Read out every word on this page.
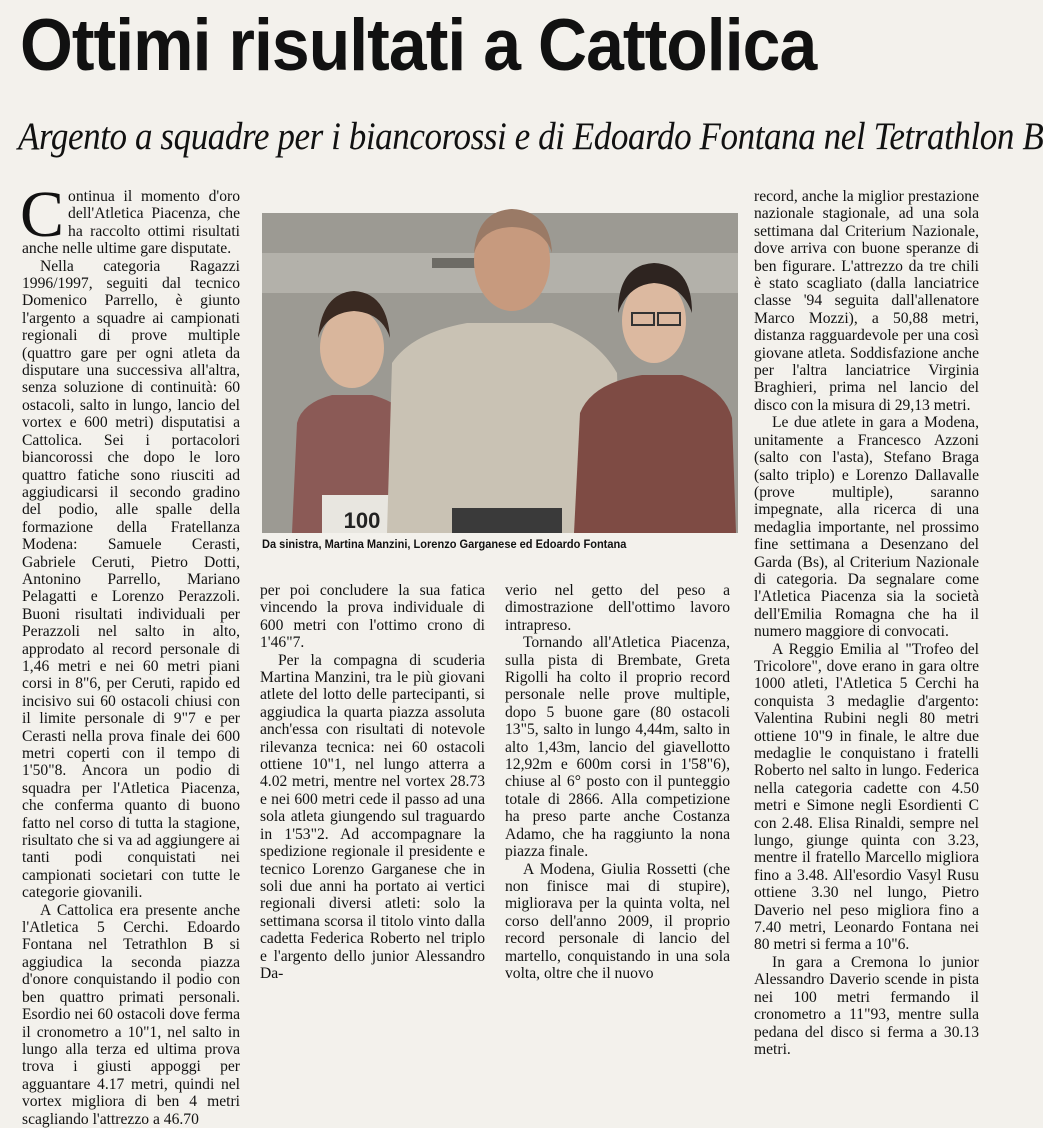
Ottimi risultati a Cattolica
Argento a squadre per i biancorossi e di Edoardo Fontana nel Tetrathlon B

Continua il momento d'oro dell'Atletica Piacenza, che ha raccolto ottimi risultati anche nelle ultime gare disputate.

Nella categoria Ragazzi 1996/1997, seguiti dal tecnico Domenico Parrello, è giunto l'argento a squadre ai campionati regionali di prove multiple (quattro gare per ogni atleta da disputare una successiva all'altra, senza soluzione di continuità: 60 ostacoli, salto in lungo, lancio del vortex e 600 metri) disputatisi a Cattolica. Sei i portacolori biancorossi che dopo le loro quattro fatiche sono riusciti ad aggiudicarsi il secondo gradino del podio, alle spalle della formazione della Fratellanza Modena: Samuele Cerasti, Gabriele Ceruti, Pietro Dotti, Antonino Parrello, Mariano Pelagatti e Lorenzo Perazzoli. Buoni risultati individuali per Perazzoli nel salto in alto, approdato al record personale di 1,46 metri e nei 60 metri piani corsi in 8"6, per Ceruti, rapido ed incisivo sui 60 ostacoli chiusi con il limite personale di 9"7 e per Cerasti nella prova finale dei 600 metri coperti con il tempo di 1'50"8. Ancora un podio di squadra per l'Atletica Piacenza, che conferma quanto di buono fatto nel corso di tutta la stagione, risultato che si va ad aggiungere ai tanti podi conquistati nei campionati societari con tutte le categorie giovanili.

A Cattolica era presente anche l'Atletica 5 Cerchi. Edoardo Fontana nel Tetrathlon B si aggiudica la seconda piazza d'onore conquistando il podio con ben quattro primati personali. Esordio nei 60 ostacoli dove ferma il cronometro a 10"1, nel salto in lungo alla terza ed ultima prova trova i giusti appoggi per agguantare 4.17 metri, quindi nel vortex migliora di ben 4 metri scagliando l'attrezzo a 46.70

100
Da sinistra, Martina Manzini, Lorenzo Garganese ed Edoardo Fontana

per poi concludere la sua fatica vincendo la prova individuale di 600 metri con l'ottimo crono di 1'46"7.

Per la compagna di scuderia Martina Manzini, tra le più giovani atlete del lotto delle partecipanti, si aggiudica la quarta piazza assoluta anch'essa con risultati di notevole rilevanza tecnica: nei 60 ostacoli ottiene 10"1, nel lungo atterra a 4.02 metri, mentre nel vortex 28.73 e nei 600 metri cede il passo ad una sola atleta giungendo sul traguardo in 1'53"2. Ad accompagnare la spedizione regionale il presidente e tecnico Lorenzo Garganese che in soli due anni ha portato ai vertici regionali diversi atleti: solo la settimana scorsa il titolo vinto dalla cadetta Federica Roberto nel triplo e l'argento dello junior Alessandro Da-

verio nel getto del peso a dimostrazione dell'ottimo lavoro intrapreso.

Tornando all'Atletica Piacenza, sulla pista di Brembate, Greta Rigolli ha colto il proprio record personale nelle prove multiple, dopo 5 buone gare (80 ostacoli 13"5, salto in lungo 4,44m, salto in alto 1,43m, lancio del giavellotto 12,92m e 600m corsi in 1'58"6), chiuse al 6° posto con il punteggio totale di 2866. Alla competizione ha preso parte anche Costanza Adamo, che ha raggiunto la nona piazza finale.

A Modena, Giulia Rossetti (che non finisce mai di stupire), migliorava per la quinta volta, nel corso dell'anno 2009, il proprio record personale di lancio del martello, conquistando in una sola volta, oltre che il nuovo

record, anche la miglior prestazione nazionale stagionale, ad una sola settimana dal Criterium Nazionale, dove arriva con buone speranze di ben figurare. L'attrezzo da tre chili è stato scagliato (dalla lanciatrice classe '94 seguita dall'allenatore Marco Mozzi), a 50,88 metri, distanza ragguardevole per una così giovane atleta. Soddisfazione anche per l'altra lanciatrice Virginia Braghieri, prima nel lancio del disco con la misura di 29,13 metri.

Le due atlete in gara a Modena, unitamente a Francesco Azzoni (salto con l'asta), Stefano Braga (salto triplo) e Lorenzo Dallavalle (prove multiple), saranno impegnate, alla ricerca di una medaglia importante, nel prossimo fine settimana a Desenzano del Garda (Bs), al Criterium Nazionale di categoria. Da segnalare come l'Atletica Piacenza sia la società dell'Emilia Romagna che ha il numero maggiore di convocati.

A Reggio Emilia al "Trofeo del Tricolore", dove erano in gara oltre 1000 atleti, l'Atletica 5 Cerchi ha conquista 3 medaglie d'argento: Valentina Rubini negli 80 metri ottiene 10"9 in finale, le altre due medaglie le conquistano i fratelli Roberto nel salto in lungo. Federica nella categoria cadette con 4.50 metri e Simone negli Esordienti C con 2.48. Elisa Rinaldi, sempre nel lungo, giunge quinta con 3.23, mentre il fratello Marcello migliora fino a 3.48. All'esordio Vasyl Rusu ottiene 3.30 nel lungo, Pietro Daverio nel peso migliora fino a 7.40 metri, Leonardo Fontana nei 80 metri si ferma a 10"6.

In gara a Cremona lo junior Alessandro Daverio scende in pista nei 100 metri fermando il cronometro a 11"93, mentre sulla pedana del disco si ferma a 30.13 metri.
